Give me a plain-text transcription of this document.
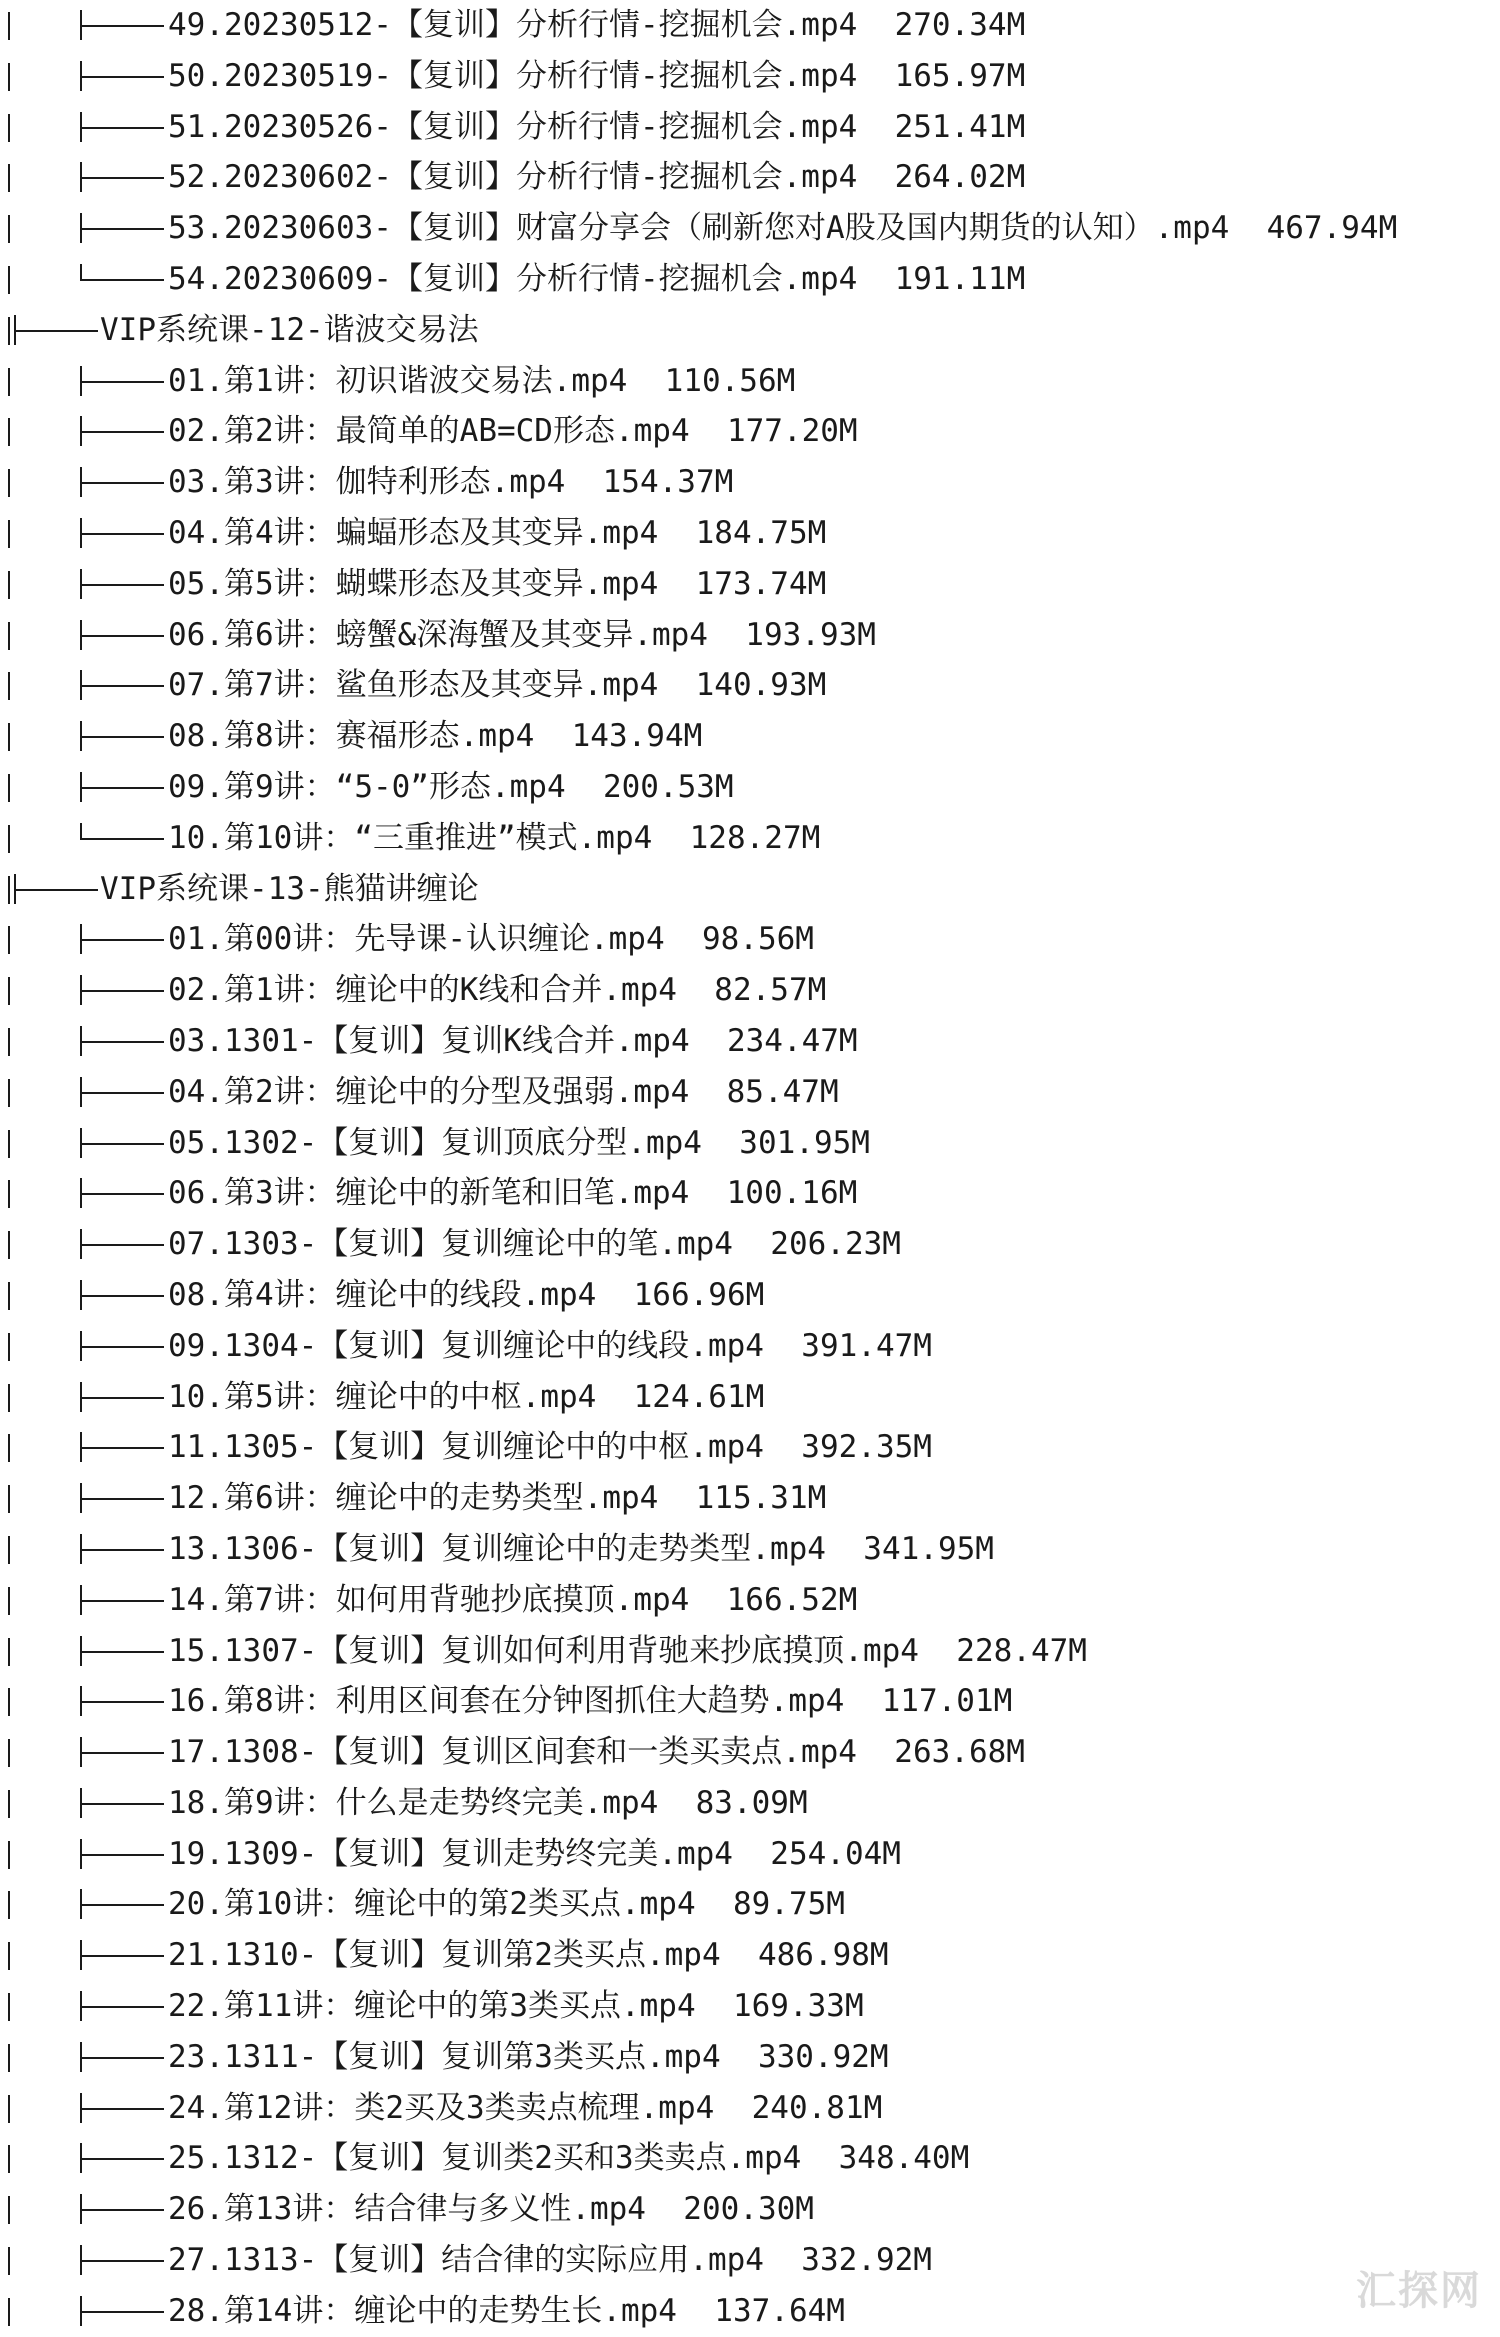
49.20230512-【复训】分析行情-挖掘机会.mp4  270.34M
50.20230519-【复训】分析行情-挖掘机会.mp4  165.97M
51.20230526-【复训】分析行情-挖掘机会.mp4  251.41M
52.20230602-【复训】分析行情-挖掘机会.mp4  264.02M
53.20230603-【复训】财富分享会（刷新您对A股及国内期货的认知）.mp4  467.94M
54.20230609-【复训】分析行情-挖掘机会.mp4  191.11M
VIP系统课-12-谐波交易法
01.第1讲：初识谐波交易法.mp4  110.56M
02.第2讲：最简单的AB=CD形态.mp4  177.20M
03.第3讲：伽特利形态.mp4  154.37M
04.第4讲：蝙蝠形态及其变异.mp4  184.75M
05.第5讲：蝴蝶形态及其变异.mp4  173.74M
06.第6讲：螃蟹&深海蟹及其变异.mp4  193.93M
07.第7讲：鲨鱼形态及其变异.mp4  140.93M
08.第8讲：赛福形态.mp4  143.94M
09.第9讲：“5-0”形态.mp4  200.53M
10.第10讲：“三重推进”模式.mp4  128.27M
VIP系统课-13-熊猫讲缠论
01.第00讲：先导课-认识缠论.mp4  98.56M
02.第1讲：缠论中的K线和合并.mp4  82.57M
03.1301-【复训】复训K线合并.mp4  234.47M
04.第2讲：缠论中的分型及强弱.mp4  85.47M
05.1302-【复训】复训顶底分型.mp4  301.95M
06.第3讲：缠论中的新笔和旧笔.mp4  100.16M
07.1303-【复训】复训缠论中的笔.mp4  206.23M
08.第4讲：缠论中的线段.mp4  166.96M
09.1304-【复训】复训缠论中的线段.mp4  391.47M
10.第5讲：缠论中的中枢.mp4  124.61M
11.1305-【复训】复训缠论中的中枢.mp4  392.35M
12.第6讲：缠论中的走势类型.mp4  115.31M
13.1306-【复训】复训缠论中的走势类型.mp4  341.95M
14.第7讲：如何用背驰抄底摸顶.mp4  166.52M
15.1307-【复训】复训如何利用背驰来抄底摸顶.mp4  228.47M
16.第8讲：利用区间套在分钟图抓住大趋势.mp4  117.01M
17.1308-【复训】复训区间套和一类买卖点.mp4  263.68M
18.第9讲：什么是走势终完美.mp4  83.09M
19.1309-【复训】复训走势终完美.mp4  254.04M
20.第10讲：缠论中的第2类买点.mp4  89.75M
21.1310-【复训】复训第2类买点.mp4  486.98M
22.第11讲：缠论中的第3类买点.mp4  169.33M
23.1311-【复训】复训第3类买点.mp4  330.92M
24.第12讲：类2买及3类卖点梳理.mp4  240.81M
25.1312-【复训】复训类2买和3类卖点.mp4  348.40M
26.第13讲：结合律与多义性.mp4  200.30M
27.1313-【复训】结合律的实际应用.mp4  332.92M
28.第14讲：缠论中的走势生长.mp4  137.64M	汇探网
